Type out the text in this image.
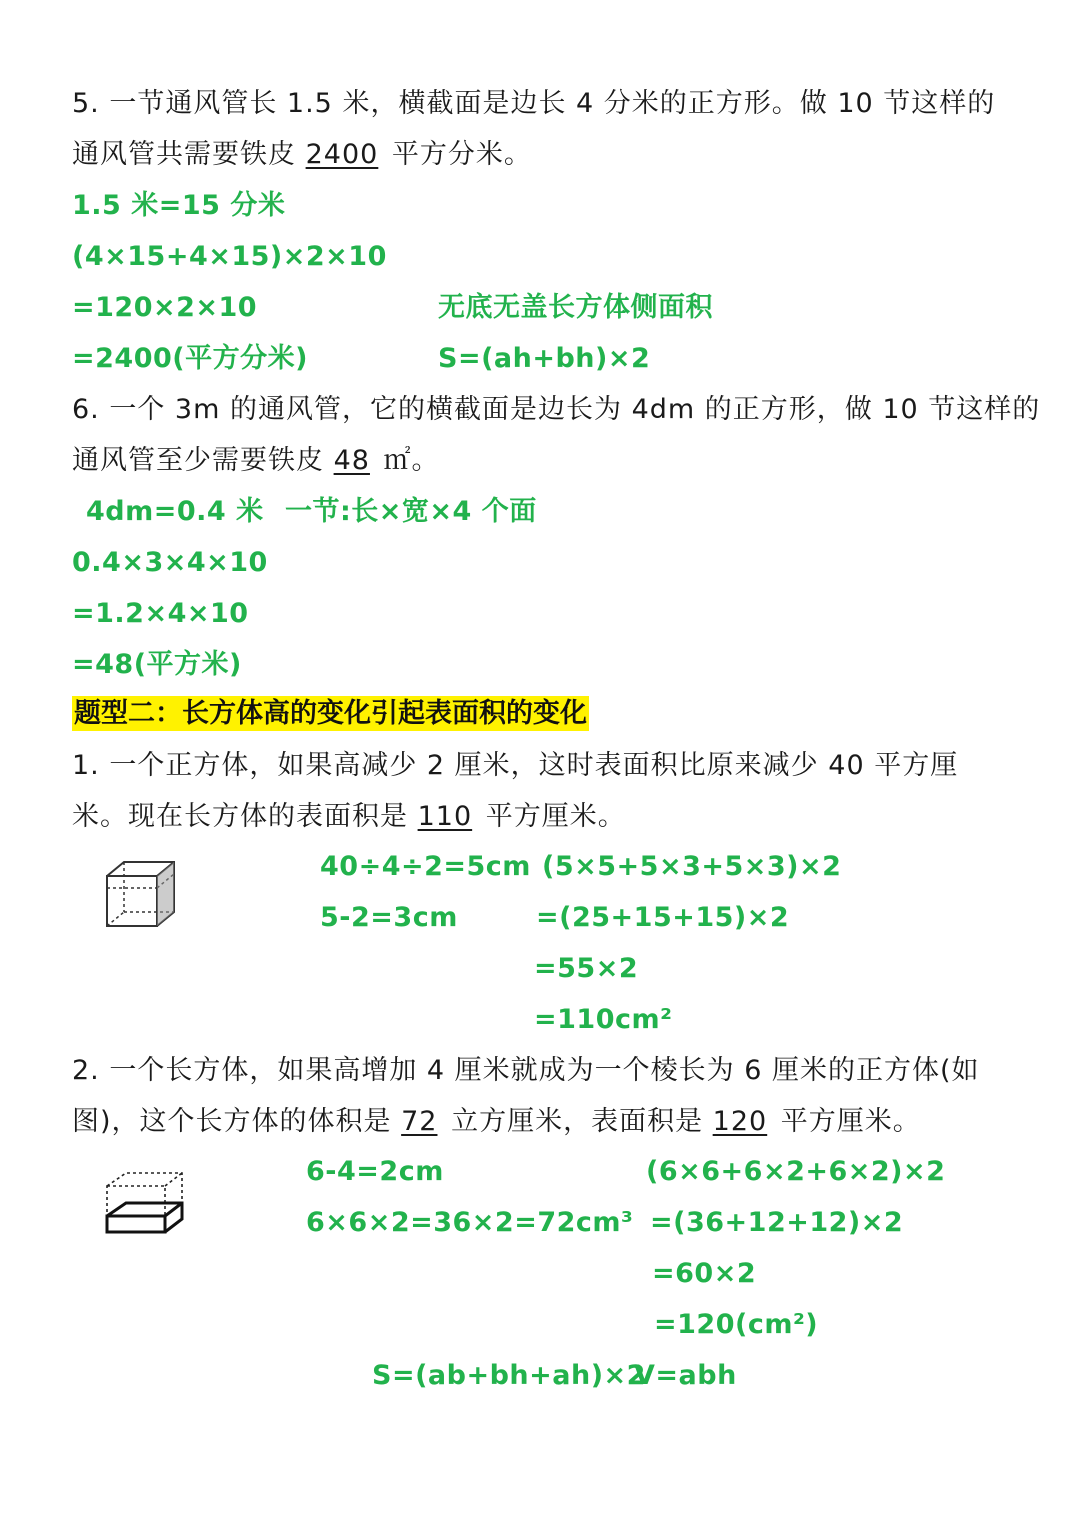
5. 一节通风管长 1.5 米，横截面是边长 4 分米的正方形。做 10 节这样的
通风管共需要铁皮 2400 平方分米。
1.5 米=15 分米
(4×15+4×15)×2×10
=120×2×10	无底无盖长方体侧面积
=2400(平方分米)	S=(ah+bh)×2
6. 一个 3m 的通风管，它的横截面是边长为 4dm 的正方形，做 10 节这样的
通风管至少需要铁皮 48 ㎡。
4dm=0.4 米 一节:长×宽×4 个面
0.4×3×4×10
=1.2×4×10
=48(平方米)
题型二：长方体高的变化引起表面积的变化
1. 一个正方体，如果高减少 2 厘米，这时表面积比原来减少 40 平方厘
米。现在长方体的表面积是 110 平方厘米。
40÷4÷2=5cm
5-2=3cm
(5×5+5×3+5×3)×2
=(25+15+15)×2
=55×2
=110cm²
2. 一个长方体，如果高增加 4 厘米就成为一个棱长为 6 厘米的正方体(如
图)，这个长方体的体积是 72 立方厘米，表面积是 120 平方厘米。
6-4=2cm
6×6×2=36×2=72cm³
(6×6+6×2+6×2)×2
=(36+12+12)×2
=60×2
=120(cm²)
S=(ab+bh+ah)×2
V=abh
